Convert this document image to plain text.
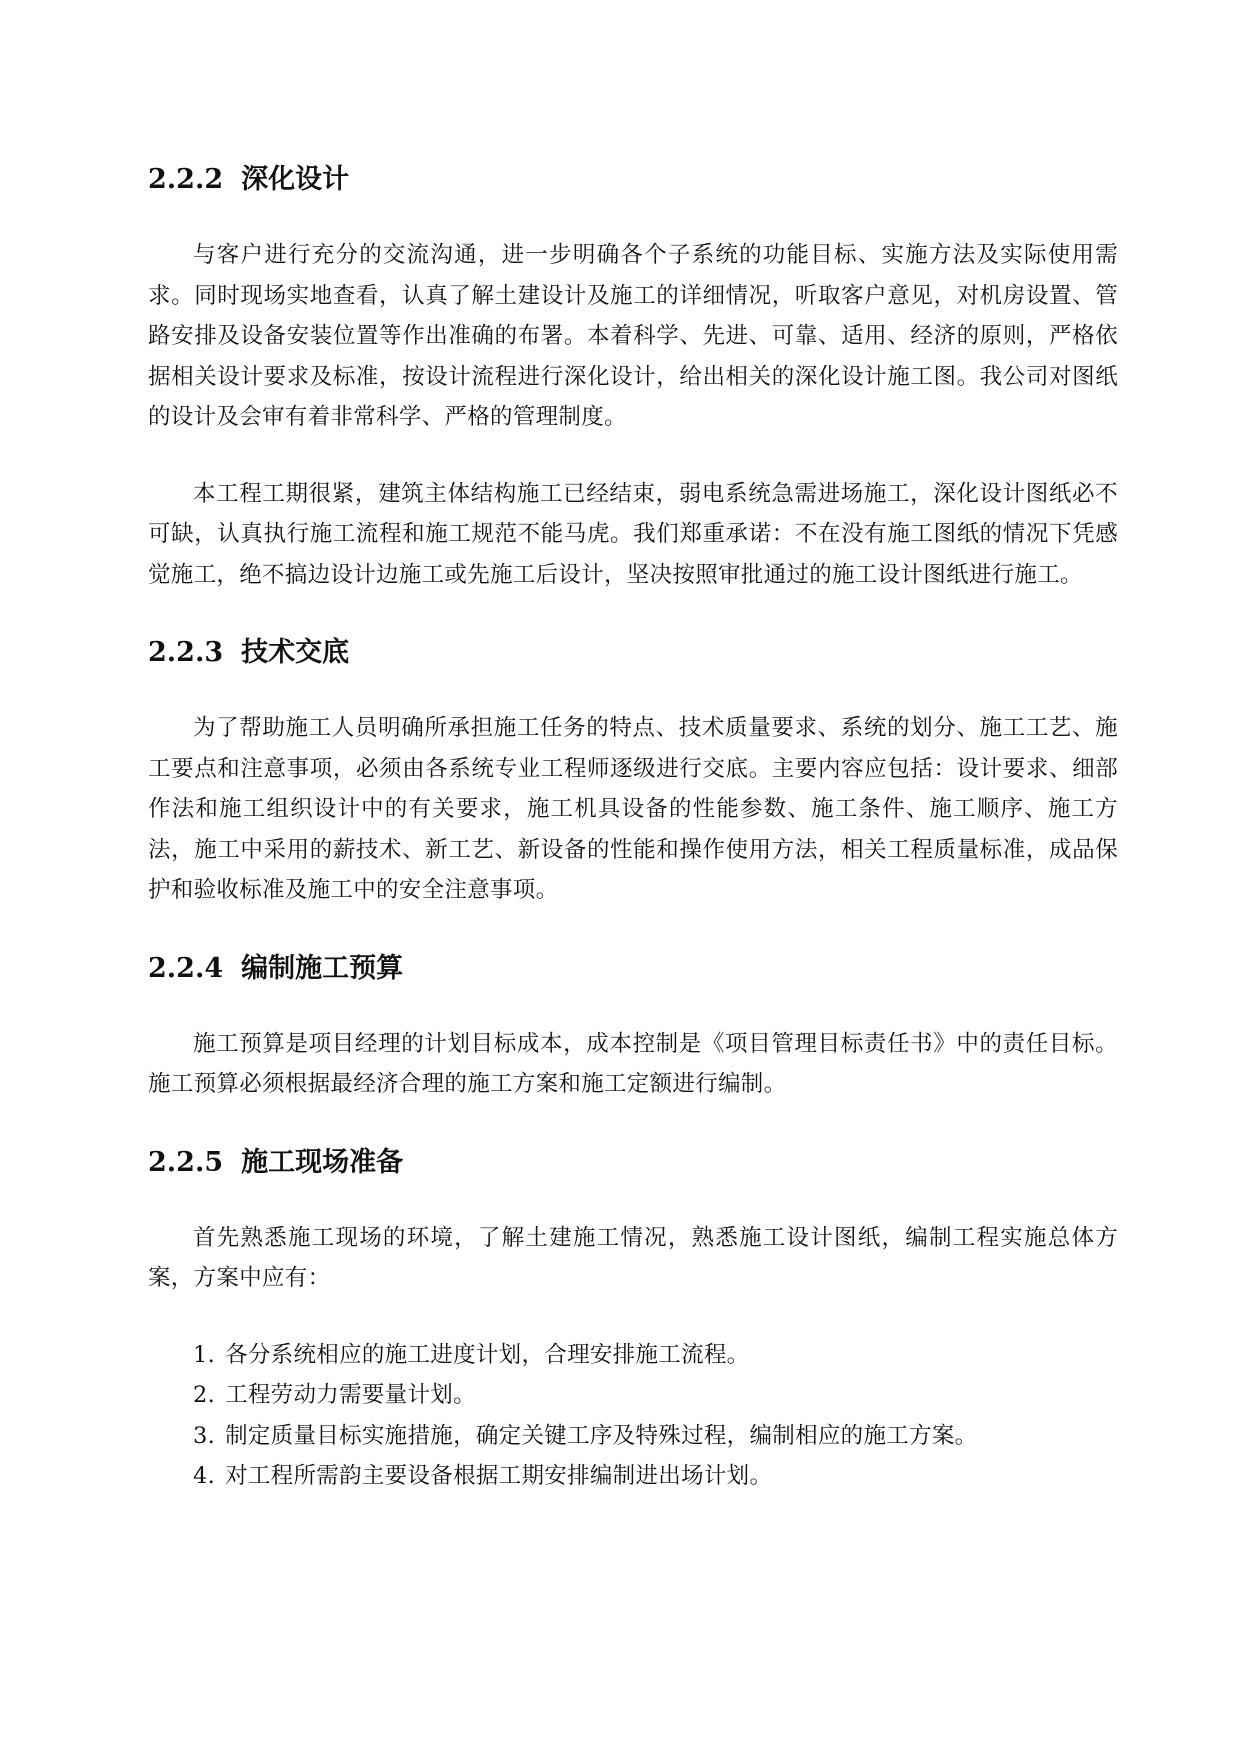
2.2.2 深化设计

与客户进行充分的交流沟通，进一步明确各个子系统的功能目标、实施方法及实际使用需求。同时现场实地查看，认真了解土建设计及施工的详细情况，听取客户意见，对机房设置、管路安排及设备安装位置等作出准确的布署。本着科学、先进、可靠、适用、经济的原则，严格依据相关设计要求及标准，按设计流程进行深化设计，给出相关的深化设计施工图。我公司对图纸的设计及会审有着非常科学、严格的管理制度。

本工程工期很紧，建筑主体结构施工已经结束，弱电系统急需进场施工，深化设计图纸必不可缺，认真执行施工流程和施工规范不能马虎。我们郑重承诺：不在没有施工图纸的情况下凭感觉施工，绝不搞边设计边施工或先施工后设计，坚决按照审批通过的施工设计图纸进行施工。

2.2.3 技术交底

为了帮助施工人员明确所承担施工任务的特点、技术质量要求、系统的划分、施工工艺、施工要点和注意事项，必须由各系统专业工程师逐级进行交底。主要内容应包括：设计要求、细部作法和施工组织设计中的有关要求，施工机具设备的性能参数、施工条件、施工顺序、施工方法，施工中采用的薪技术、新工艺、新设备的性能和操作使用方法，相关工程质量标准，成品保护和验收标准及施工中的安全注意事项。

2.2.4 编制施工预算

施工预算是项目经理的计划目标成本，成本控制是《项目管理目标责任书》中的责任目标。施工预算必须根据最经济合理的施工方案和施工定额进行编制。

2.2.5 施工现场准备

首先熟悉施工现场的环境，了解土建施工情况，熟悉施工设计图纸，编制工程实施总体方案，方案中应有：

1. 各分系统相应的施工进度计划，合理安排施工流程。
2. 工程劳动力需要量计划。
3. 制定质量目标实施措施，确定关键工序及特殊过程，编制相应的施工方案。
4. 对工程所需韵主要设备根据工期安排编制进出场计划。
